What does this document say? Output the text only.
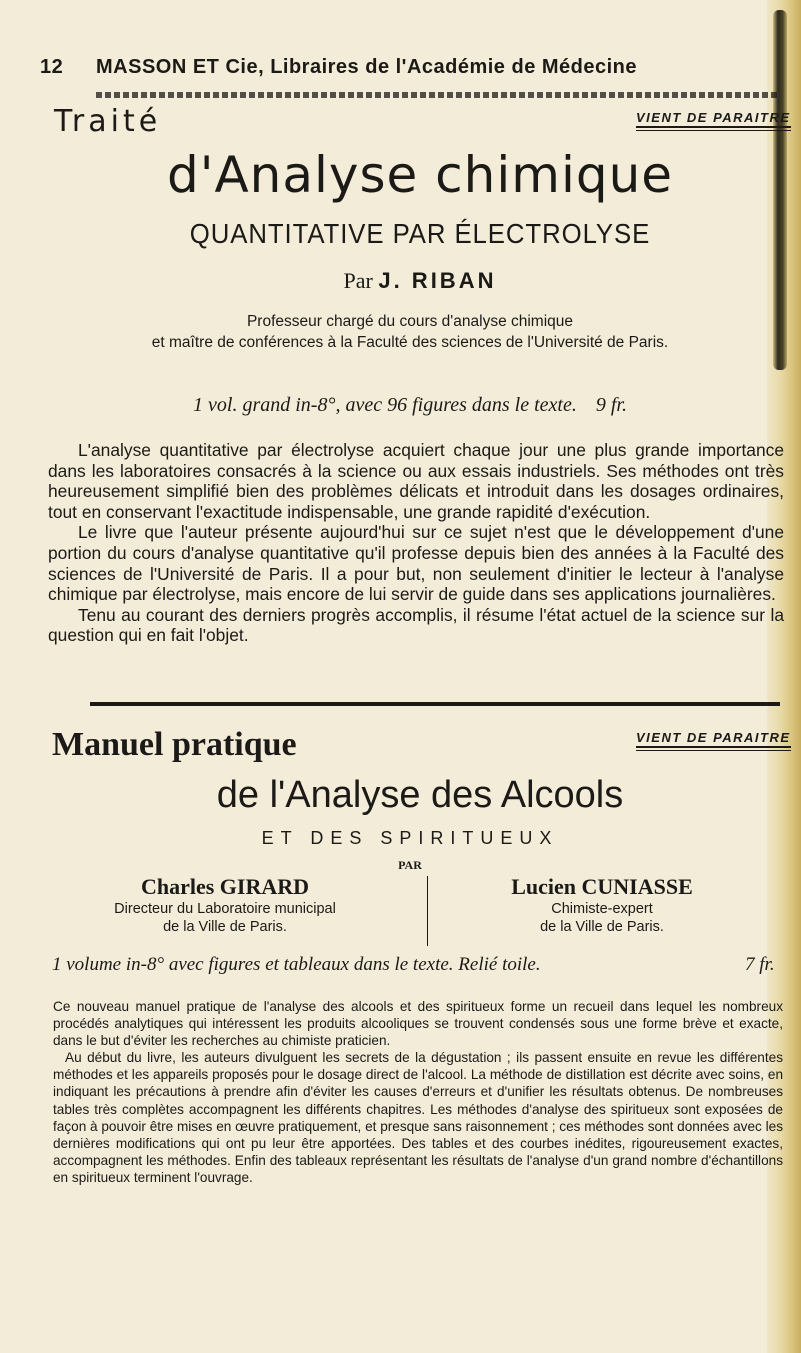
12 MASSON ET Cie, Libraires de l'Académie de Médecine
Traité	VIENT DE PARAITRE
d'Analyse chimique
QUANTITATIVE PAR ÉLECTROLYSE
Par J. RIBAN
Professeur chargé du cours d'analyse chimique
et maître de conférences à la Faculté des sciences de l'Université de Paris.
1 vol. grand in-8°, avec 96 figures dans le texte. 9 fr.

L'analyse quantitative par électrolyse acquiert chaque jour une plus grande importance dans les laboratoires consacrés à la science ou aux essais industriels. Ses méthodes ont très heureusement simplifié bien des problèmes délicats et introduit dans les dosages ordinaires, tout en conservant l'exactitude indispensable, une grande rapidité d'exécution.

Le livre que l'auteur présente aujourd'hui sur ce sujet n'est que le développement d'une portion du cours d'analyse quantitative qu'il professe depuis bien des années à la Faculté des sciences de l'Université de Paris. Il a pour but, non seulement d'initier le lecteur à l'analyse chimique par électrolyse, mais encore de lui servir de guide dans ses applications journalières.

Tenu au courant des derniers progrès accomplis, il résume l'état actuel de la science sur la question qui en fait l'objet.

Manuel pratique	VIENT DE PARAITRE
de l'Analyse des Alcools
ET DES SPIRITUEUX
PAR
Charles GIRARD
Directeur du Laboratoire municipal
de la Ville de Paris.
Lucien CUNIASSE
Chimiste-expert
de la Ville de Paris.
1 volume in-8° avec figures et tableaux dans le texte. Relié toile.	7 fr.

Ce nouveau manuel pratique de l'analyse des alcools et des spiritueux forme un recueil dans lequel les nombreux procédés analytiques qui intéressent les produits alcooliques se trouvent condensés sous une forme brève et exacte, dans le but d'éviter les recherches au chimiste praticien.

Au début du livre, les auteurs divulguent les secrets de la dégustation ; ils passent ensuite en revue les différentes méthodes et les appareils proposés pour le dosage direct de l'alcool. La méthode de distillation est décrite avec soins, en indiquant les précautions à prendre afin d'éviter les causes d'erreurs et d'unifier les résultats obtenus. De nombreuses tables très complètes accompagnent les différents chapitres. Les méthodes d'analyse des spiritueux sont exposées de façon à pouvoir être mises en œuvre pratiquement, et presque sans raisonnement ; ces méthodes sont données avec les dernières modifications qui ont pu leur être apportées. Des tables et des courbes inédites, rigoureusement exactes, accompagnent les méthodes. Enfin des tableaux représentant les résultats de l'analyse d'un grand nombre d'échantillons en spiritueux terminent l'ouvrage.
